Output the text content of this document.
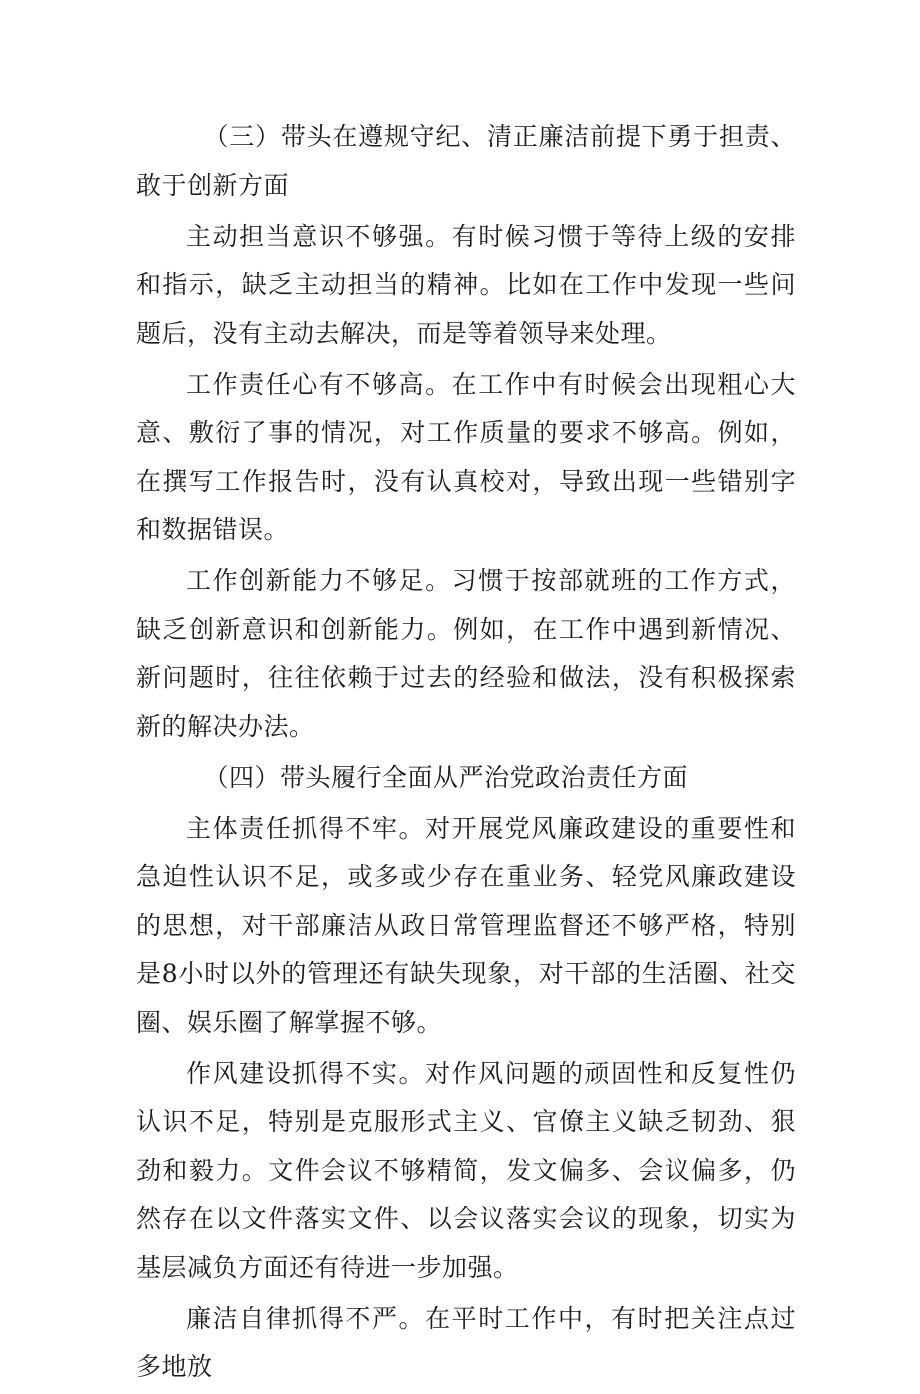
（三）带头在遵规守纪、清正廉洁前提下勇于担责、敢于创新方面

主动担当意识不够强。有时候习惯于等待上级的安排和指示，缺乏主动担当的精神。比如在工作中发现一些问题后，没有主动去解决，而是等着领导来处理。

工作责任心有不够高。在工作中有时候会出现粗心大意、敷衍了事的情况，对工作质量的要求不够高。例如，在撰写工作报告时，没有认真校对，导致出现一些错别字和数据错误。

工作创新能力不够足。习惯于按部就班的工作方式，缺乏创新意识和创新能力。例如，在工作中遇到新情况、新问题时，往往依赖于过去的经验和做法，没有积极探索新的解决办法。

（四）带头履行全面从严治党政治责任方面

主体责任抓得不牢。对开展党风廉政建设的重要性和急迫性认识不足，或多或少存在重业务、轻党风廉政建设的思想，对干部廉洁从政日常管理监督还不够严格，特别是8小时以外的管理还有缺失现象，对干部的生活圈、社交圈、娱乐圈了解掌握不够。

作风建设抓得不实。对作风问题的顽固性和反复性仍认识不足，特别是克服形式主义、官僚主义缺乏韧劲、狠劲和毅力。文件会议不够精简，发文偏多、会议偏多，仍然存在以文件落实文件、以会议落实会议的现象，切实为基层减负方面还有待进一步加强。

廉洁自律抓得不严。在平时工作中，有时把关注点过多地放
